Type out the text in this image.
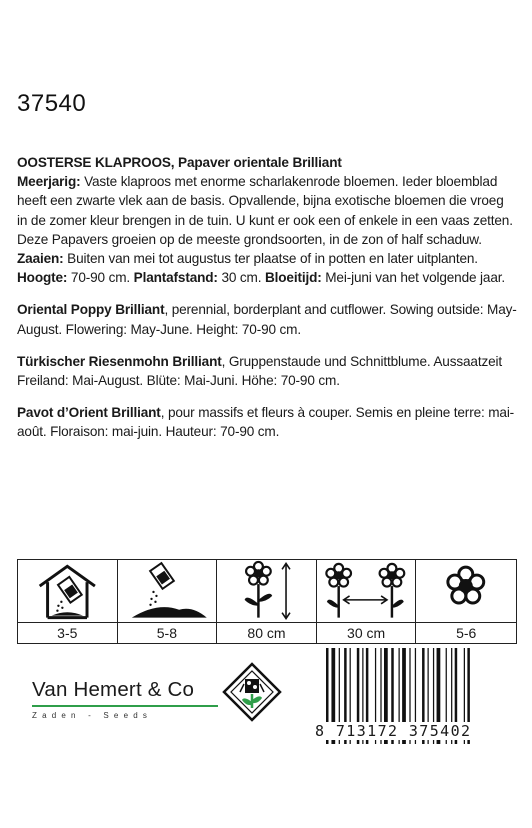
37540

OOSTERSE KLAPROOS, Papaver orientale Brilliant
Meerjarig: Vaste klaproos met enorme scharlakenrode bloemen. Ieder bloemblad heeft een zwarte vlek aan de basis. Opvallende, bijna exotische bloemen die vroeg in de zomer kleur brengen in de tuin. U kunt er ook een of enkele in een vaas zetten. Deze Papavers groeien op de meeste grondsoorten, in de zon of half schaduw.
Zaaien: Buiten van mei tot augustus ter plaatse of in potten en later uitplanten.
Hoogte: 70-90 cm. Plantafstand: 30 cm. Bloeitijd: Mei-juni van het volgende jaar.

Oriental Poppy Brilliant, perennial, borderplant and cutflower. Sowing outside: May-August. Flowering: May-June. Height: 70-90 cm.

Türkischer Riesenmohn Brilliant, Gruppenstaude und Schnittblume. Aussaatzeit Freiland: Mai-August. Blüte: Mai-Juni. Höhe: 70-90 cm.

Pavot d’Orient Brilliant, pour massifs et fleurs à couper. Semis en pleine terre: mai-août. Floraison: mai-juin. Hauteur: 70-90 cm.

3-5	5-8	80 cm	30 cm	5-6
Van Hemert & Co
Zaden - Seeds
8 713172 375402
